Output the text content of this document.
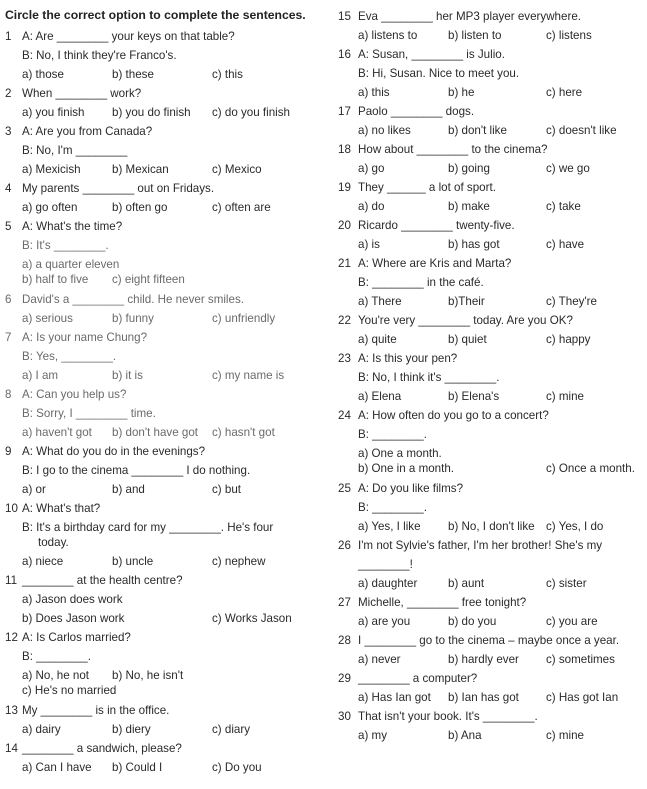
Circle the correct option to complete the sentences.
1 A: Are ________ your keys on that table?
B: No, I think they're Franco's.
a) those	b) these	c) this
2 When ________ work?
a) you finish b) you do finish c) do you finish
3 A: Are you from Canada?
B: No, I'm ________
a) Mexicish	b) Mexican	c) Mexico
4 My parents ________ out on Fridays.
a) go often	b) often go	c) often are
5 A: What's the time?
B: It's ________.
a) a quarter eleven
b) half to five c) eight fifteen
6 David's a ________ child. He never smiles.
a) serious	b) funny	c) unfriendly
7 A: Is your name Chung?
B: Yes, ________.
a) I am	b) it is	c) my name is
8 A: Can you help us?
B: Sorry, I ________ time.
a) haven't got b) don't have got c) hasn't got
9 A: What do you do in the evenings?
B: I go to the cinema ________ I do nothing.
a) or	b) and	c) but
10 A: What's that?
B: It's a birthday card for my ________. He's four
today.
a) niece	b) uncle	c) nephew
11 ________ at the health centre?
a) Jason does work
b) Does Jason work	c) Works Jason
12 A: Is Carlos married?
B: ________.
a) No, he not b) No, he isn't
c) He's no married
13 My ________ is in the office.
a) dairy	b) diery	c) diary
14 ________ a sandwich, please?
a) Can I have b) Could I	c) Do you
15 Eva ________ her MP3 player everywhere.
a) listens to	b) listen to	c) listens
16 A: Susan, ________ is Julio.
B: Hi, Susan. Nice to meet you.
a) this	b) he	c) here
17 Paolo ________ dogs.
a) no likes	b) don't like	c) doesn't like
18 How about ________ to the cinema?
a) go	b) going	c) we go
19 They ______ a lot of sport.
a) do	b) make	c) take
20 Ricardo ________ twenty-five.
a) is	b) has got	c) have
21 A: Where are Kris and Marta?
B: ________ in the café.
a) There	b)Their	c) They're
22 You're very ________ today. Are you OK?
a) quite	b) quiet	c) happy
23 A: Is this your pen?
B: No, I think it's ________.
a) Elena	b) Elena's	c) mine
24 A: How often do you go to a concert?
B: ________.
a) One a month.
b) One in a month.	c) Once a month.
25 A: Do you like films?
B: ________.
a) Yes, I like b) No, I don't like c) Yes, I do
26 I'm not Sylvie's father, I'm her brother! She's my
________!
a) daughter	b) aunt	c) sister
27 Michelle, ________ free tonight?
a) are you	b) do you	c) you are
28 I ________ go to the cinema – maybe once a year.
a) never	b) hardly ever c) sometimes
29 ________ a computer?
a) Has Ian got b) Ian has got c) Has got Ian
30 That isn't your book. It's ________.
a) my	b) Ana	c) mine
